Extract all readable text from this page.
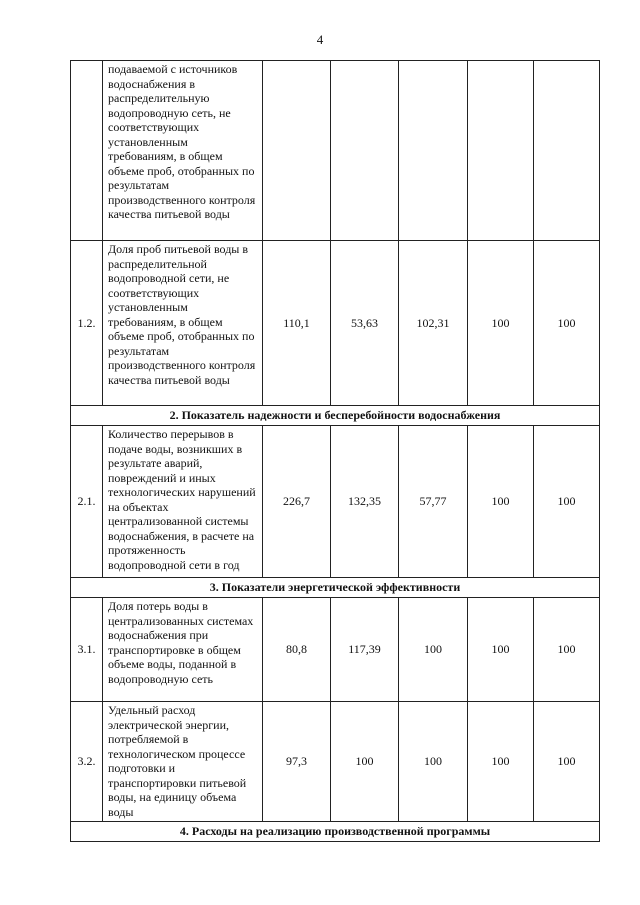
4
	подаваемой с источников водоснабжения в распределительную водопроводную сеть, не соответствующих установленным требованиям, в общем объеме проб, отобранных по результатам производственного контроля качества питьевой воды					
1.2.	Доля проб питьевой воды в распределительной водопроводной сети, не соответствующих установленным требованиям, в общем объеме проб, отобранных по результатам производственного контроля качества питьевой воды	110,1	53,63	102,31	100	100
2. Показатель надежности и бесперебойности водоснабжения						
2.1.	Количество перерывов в подаче воды, возникших в результате аварий, повреждений и иных технологических нарушений на объектах централизованной системы водоснабжения, в расчете на протяженность водопроводной сети в год	226,7	132,35	57,77	100	100
3. Показатели энергетической эффективности						
3.1.	Доля потерь воды в централизованных системах водоснабжения при транспортировке в общем объеме воды, поданной в водопроводную сеть	80,8	117,39	100	100	100
3.2.	Удельный расход электрической энергии, потребляемой в технологическом процессе подготовки и транспортировки питьевой воды, на единицу объема воды	97,3	100	100	100	100
4. Расходы на реализацию производственной программы						
